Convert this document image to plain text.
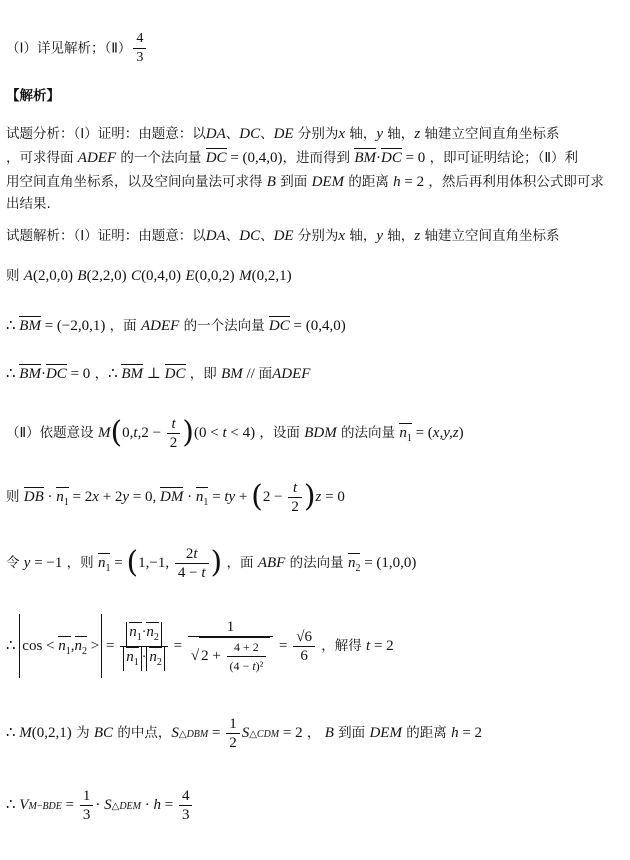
（Ⅰ）详见解析；（Ⅱ） $\frac{4}{3}$
【解析】
试题分析：（Ⅰ）证明：由题意：以DA、DC、DE 分别为x 轴，y 轴，z 轴建立空间直角坐标系
，可求得面 ADEF 的一个法向量 DC = (0,4,0)，进而得到 BM·DC = 0 ，即可证明结论；（Ⅱ）利
用空间直角坐标系，以及空间向量法可求得 B 到面 DEM 的距离 h = 2 ，然后再利用体积公式即可求
出结果.
试题解析：（Ⅰ）证明：由题意：以DA、DC、DE 分别为x 轴，y 轴，z 轴建立空间直角坐标系
则 A(2,0,0) B(2,2,0) C(0,4,0) E(0,0,2) M(0,2,1)
∴ BM = (−2,0,1) ，面 ADEF 的一个法向量 DC = (0,4,0)
∴ BM·DC = 0 ，∴ BM ⊥ DC ，即 BM // 面ADEF
（Ⅱ）依题意设 $M(0,t,2 - \frac{t}{2} )(0 < t < 4)$ ，设面 BDM 的法向量 $n_1 = (x,y,z)$
则 DB · $n_1 = 2x + 2y = 0$, DM · $n_1$ = ty + $(2 - \frac{t}{2} )z = 0$
令 y = −1 ，则 $n_1 = (1,-1$, $\frac{2t}{4 - t}$ ) ，面 ABF 的法向量 $n_2 = (1,0,0)$
∴ $\cos < n_1,n_2$ > = $\frac{n_1\cdot n_2}{n_1 \cdot n_2} = \frac{1}{√ 2 + \frac{4 + 2}{\text{(4 − t)²}}} = \frac{√6}{6}$ ，解得 t = 2
∴ M(0,2,1) 为 BC 的中点，S△DBM = $\frac{1}{2}$ S△CDM = 2 ， B 到面 DEM 的距离 h = 2
∴ $VM-BDE = \frac{1}{3}$ · S△DEM · $h = \frac{4}{3}$
